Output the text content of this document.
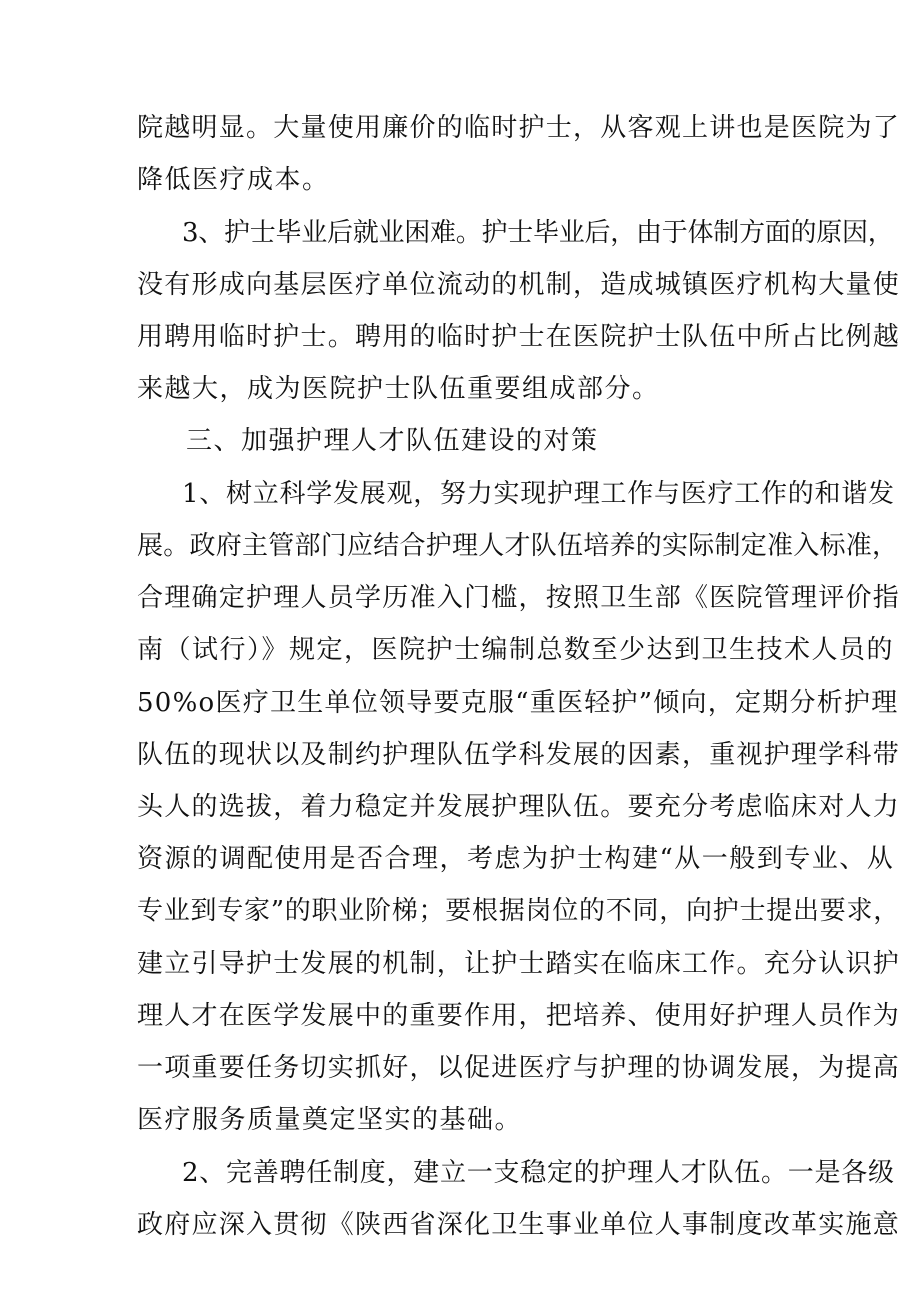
院越明显。大量使用廉价的临时护士，从客观上讲也是医院为了
降低医疗成本。
3、护士毕业后就业困难。护士毕业后，由于体制方面的原因，
没有形成向基层医疗单位流动的机制，造成城镇医疗机构大量使
用聘用临时护士。聘用的临时护士在医院护士队伍中所占比例越
来越大，成为医院护士队伍重要组成部分。
三、加强护理人才队伍建设的对策
1、树立科学发展观，努力实现护理工作与医疗工作的和谐发
展。政府主管部门应结合护理人才队伍培养的实际制定准入标准，
合理确定护理人员学历准入门槛，按照卫生部《医院管理评价指
南（试行）》规定，医院护士编制总数至少达到卫生技术人员的
50%o医疗卫生单位领导要克服“重医轻护”倾向，定期分析护理
队伍的现状以及制约护理队伍学科发展的因素，重视护理学科带
头人的选拔，着力稳定并发展护理队伍。要充分考虑临床对人力
资源的调配使用是否合理，考虑为护士构建“从一般到专业、从
专业到专家”的职业阶梯；要根据岗位的不同，向护士提出要求，
建立引导护士发展的机制，让护士踏实在临床工作。充分认识护
理人才在医学发展中的重要作用，把培养、使用好护理人员作为
一项重要任务切实抓好，以促进医疗与护理的协调发展，为提高
医疗服务质量奠定坚实的基础。
2、完善聘任制度，建立一支稳定的护理人才队伍。一是各级
政府应深入贯彻《陕西省深化卫生事业单位人事制度改革实施意
